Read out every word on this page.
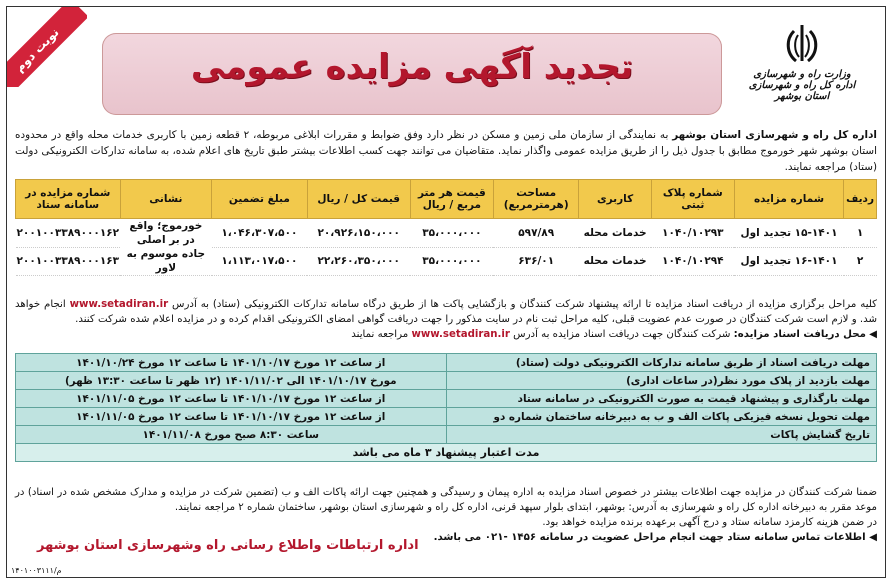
نوبت دوم	وزارت راه و شهرسازی
اداره کل راه و شهرسازی استان بوشهر
تجدید آگهی مزایده عمومی
اداره کل راه و شهرسازی استان بوشهر به نمایندگی از سازمان ملی زمین و مسکن در نظر دارد وفق ضوابط و مقررات ابلاغی مربوطه، ۲ قطعه زمین با کاربری خدمات محله واقع در محدوده استان بوشهر شهر خورموج مطابق با جدول ذیل را از طریق مزایده عمومی واگذار نماید. متقاضیان می توانند جهت کسب اطلاعات بیشتر طبق تاریخ های اعلام شده، به سامانه تدارکات الکترونیکی دولت (ستاد) مراجعه نمایند.
ردیف	شماره مزایده	شماره پلاک ثبتی	کاربری	مساحت (هرمترمربع)	قیمت هر متر مربع / ریال	قیمت کل / ریال	مبلغ تضمین	نشانی	شماره مزایده در سامانه ستاد
۱	۱۵-۱۴۰۱ تجدید اول	۱۰۴۰/۱۰۲۹۳	خدمات محله	۵۹۷/۸۹	۳۵،۰۰۰،۰۰۰	۲۰،۹۲۶،۱۵۰،۰۰۰	۱،۰۴۶،۳۰۷،۵۰۰	خورموج؛ واقع در بر اصلی جاده موسوم به لاور	۲۰۰۱۰۰۳۳۸۹۰۰۰۱۶۲
۲	۱۶-۱۴۰۱ تجدید اول	۱۰۴۰/۱۰۲۹۴	خدمات محله	۶۳۶/۰۱	۳۵،۰۰۰،۰۰۰	۲۲،۲۶۰،۳۵۰،۰۰۰	۱،۱۱۳،۰۱۷،۵۰۰		۲۰۰۱۰۰۳۳۸۹۰۰۰۱۶۳
کلیه مراحل برگزاری مزایده از دریافت اسناد مزایده تا ارائه پیشنهاد شرکت کنندگان و بازگشایی پاکت ها از طریق درگاه سامانه تدارکات الکترونیکی (ستاد) به آدرس www.setadiran.ir انجام خواهد شد. و لازم است شرکت کنندگان در صورت عدم عضویت قبلی، کلیه مراحل ثبت نام در سایت مذکور را جهت دریافت گواهی امضای الکترونیکی اقدام کرده و در مزایده اعلام شده شرکت کنند.
◀ محل دریافت اسناد مزایده: شرکت کنندگان جهت دریافت اسناد مزایده به آدرس www.setadiran.ir مراجعه نمایند
مهلت دریافت اسناد از طریق سامانه تدارکات الکترونیکی دولت (ستاد)	از ساعت ۱۲ مورخ ۱۴۰۱/۱۰/۱۷ تا ساعت ۱۲ مورخ ۱۴۰۱/۱۰/۲۴
مهلت بازدید از پلاک مورد نظر(در ساعات اداری)	مورخ ۱۴۰۱/۱۰/۱۷ الی ۱۴۰۱/۱۱/۰۲ (۱۲ ظهر تا ساعت ۱۳:۳۰ ظهر)
مهلت بارگذاری و پیشنهاد قیمت به صورت الکترونیکی در سامانه ستاد	از ساعت ۱۲ مورخ ۱۴۰۱/۱۰/۱۷ تا ساعت ۱۲ مورخ ۱۴۰۱/۱۱/۰۵
مهلت تحویل نسخه فیزیکی پاکات الف و ب به دبیرخانه ساختمان شماره دو	از ساعت ۱۲ مورخ ۱۴۰۱/۱۰/۱۷ تا ساعت ۱۲ مورخ ۱۴۰۱/۱۱/۰۵
تاریخ گشایش پاکات	ساعت ۸:۳۰ صبح مورخ ۱۴۰۱/۱۱/۰۸
مدت اعتبار پیشنهاد ۳ ماه می باشد	
ضمنا شرکت کنندگان در مزایده جهت اطلاعات بیشتر در خصوص اسناد مزایده به اداره پیمان و رسیدگی و همچنین جهت ارائه پاکات الف و ب (تضمین شرکت در مزایده و مدارک مشخص شده در اسناد) در موعد مقرر به دبیرخانه اداره کل راه و شهرسازی به آدرس: بوشهر، ابتدای بلوار سپهد قرنی، اداره کل راه و شهرسازی استان بوشهر، ساختمان شماره ۲ مراجعه نمایند.
در ضمن هزینه کارمزد سامانه ستاد و درج آگهی برعهده برنده مزایده خواهد بود.
◀ اطلاعات تماس سامانه ستاد جهت انجام مراحل عضویت در سامانه ۱۴۵۶ -۰۲۱ می باشد.
اداره ارتباطات واطلاع رسانی راه وشهرسازی استان بوشهر
۱۴۰۱۰۰۳۱۱۱/م
